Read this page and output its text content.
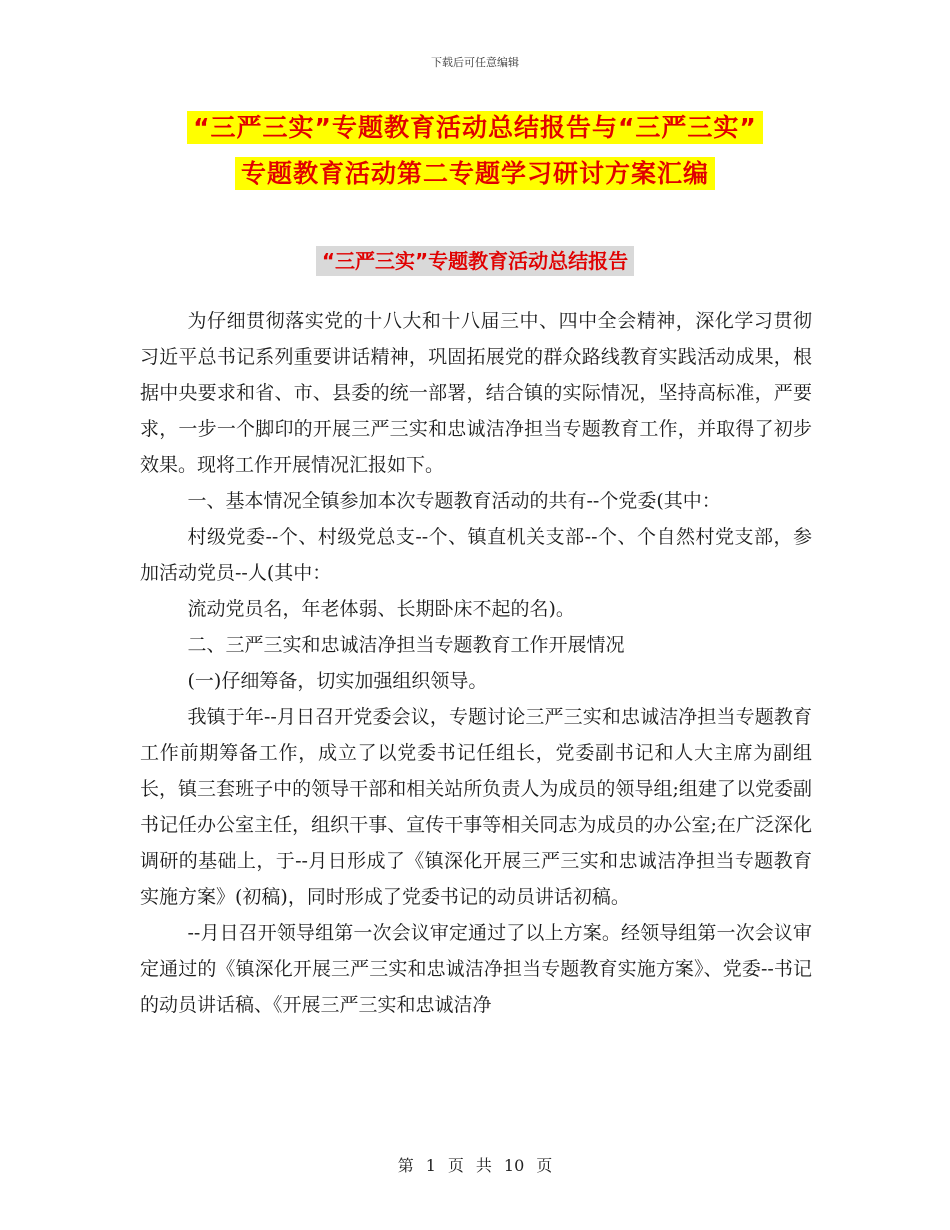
下载后可任意编辑
“三严三实”专题教育活动总结报告与“三严三实”
专题教育活动第二专题学习研讨方案汇编
“三严三实”专题教育活动总结报告

为仔细贯彻落实党的十八大和十八届三中、四中全会精神，深化学习贯彻习近平总书记系列重要讲话精神，巩固拓展党的群众路线教育实践活动成果，根据中央要求和省、市、县委的统一部署，结合镇的实际情况，坚持高标准，严要求，一步一个脚印的开展三严三实和忠诚洁净担当专题教育工作，并取得了初步效果。现将工作开展情况汇报如下。

一、基本情况全镇参加本次专题教育活动的共有--个党委(其中：

村级党委--个、村级党总支--个、镇直机关支部--个、个自然村党支部，参加活动党员--人(其中：

流动党员名，年老体弱、长期卧床不起的名)。

二、三严三实和忠诚洁净担当专题教育工作开展情况

(一)仔细筹备，切实加强组织领导。

我镇于年--月日召开党委会议，专题讨论三严三实和忠诚洁净担当专题教育工作前期筹备工作，成立了以党委书记任组长，党委副书记和人大主席为副组长，镇三套班子中的领导干部和相关站所负责人为成员的领导组;组建了以党委副书记任办公室主任，组织干事、宣传干事等相关同志为成员的办公室;在广泛深化调研的基础上，于--月日形成了《镇深化开展三严三实和忠诚洁净担当专题教育实施方案》(初稿)，同时形成了党委书记的动员讲话初稿。

--月日召开领导组第一次会议审定通过了以上方案。经领导组第一次会议审定通过的《镇深化开展三严三实和忠诚洁净担当专题教育实施方案》、党委--书记的动员讲话稿、《开展三严三实和忠诚洁净

第 1 页 共 10 页
